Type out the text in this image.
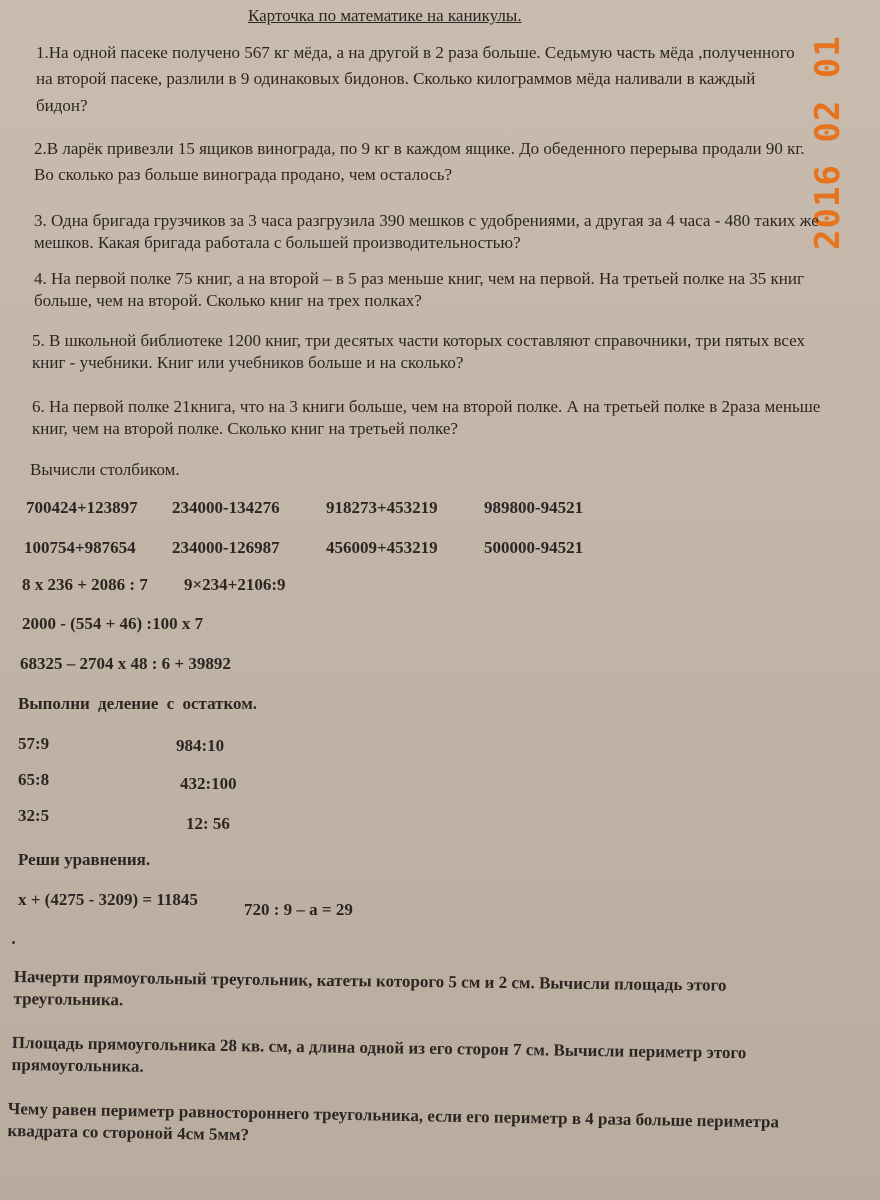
2016 02 01
Карточка по математике на каникулы.
1.На одной пасеке получено 567 кг мёда, а на другой в 2 раза больше. Седьмую часть мёда ,полученного на второй пасеке, разлили в 9 одинаковых бидонов. Сколько килограммов мёда наливали в каждый бидон?
2.В ларёк привезли 15 ящиков винограда, по 9 кг в каждом ящике. До обеденного перерыва продали 90 кг. Во сколько раз больше винограда продано, чем осталось?
3. Одна бригада грузчиков за 3 часа разгрузила 390 мешков с удобрениями, а другая за 4 часа - 480 таких же мешков. Какая бригада работала с большей производительностью?
4. На первой полке 75 книг, а на второй – в 5 раз меньше книг, чем на первой. На третьей полке на 35 книг больше, чем на второй. Сколько книг на трех полках?
5. В школьной библиотеке 1200 книг, три десятых части которых составляют справочники, три пятых всех книг - учебники. Книг или учебников больше и на сколько?
6. На первой полке 21книга, что на 3 книги больше, чем на второй полке. А на третьей полке в 2раза меньше книг, чем на второй полке. Сколько книг на третьей полке?
Вычисли столбиком.
700424+123897 234000-134276	918273+453219	989800-94521
100754+987654 234000-126987	456009+453219	500000-94521
8 x 236 + 2086 : 7 9×234+2106:9
2000 - (554 + 46) :100 x 7
68325 – 2704 x 48 : 6 + 39892
Выполни деление с остатком.
57:9	984:10
65:8	432:100
32:5	12: 56
Реши уравнения.
x + (4275 - 3209) = 11845
720 : 9 – a = 29
Начерти прямоугольный треугольник, катеты которого 5 см и 2 см. Вычисли площадь этого треугольника.
Площадь прямоугольника 28 кв. см, а длина одной из его сторон 7 см. Вычисли периметр этого прямоугольника.
Чему равен периметр равностороннего треугольника, если его периметр в 4 раза больше периметра квадрата со стороной 4см 5мм?
